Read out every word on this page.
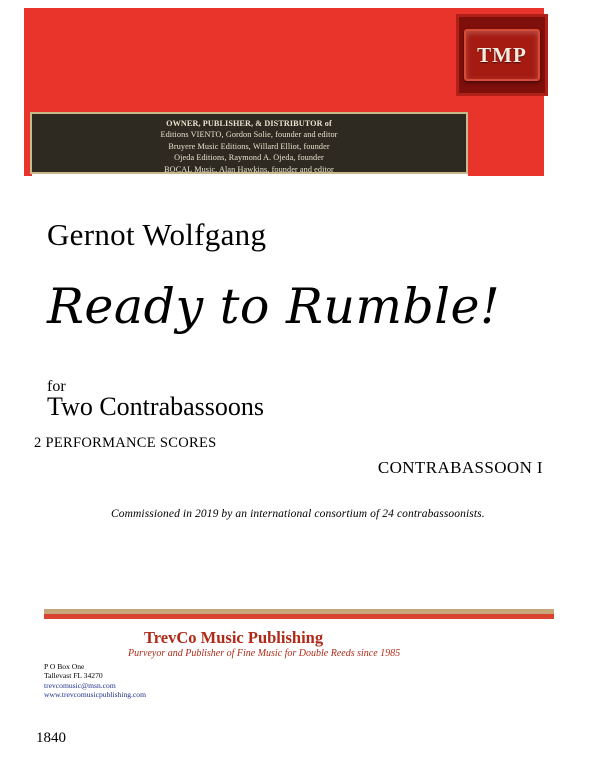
TMP
OWNER, PUBLISHER, & DISTRIBUTOR of
Editions VIENTO, Gordon Solie, founder and editor
Bruyere Music Editions, Willard Elliot, founder
Ojeda Editions, Raymond A. Ojeda, founder
BOCAL Music, Alan Hawkins, founder and editor
Gernot Wolfgang
Ready to Rumble!
for
Two Contrabassoons
2 PERFORMANCE SCORES
CONTRABASSOON I
Commissioned in 2019 by an international consortium of 24 contrabassoonists.
TrevCo Music Publishing
Purveyor and Publisher of Fine Music for Double Reeds since 1985
P O Box One
Tallevast FL 34270
trevcomusic@msn.com
www.trevcomusicpublishing.com
1840
